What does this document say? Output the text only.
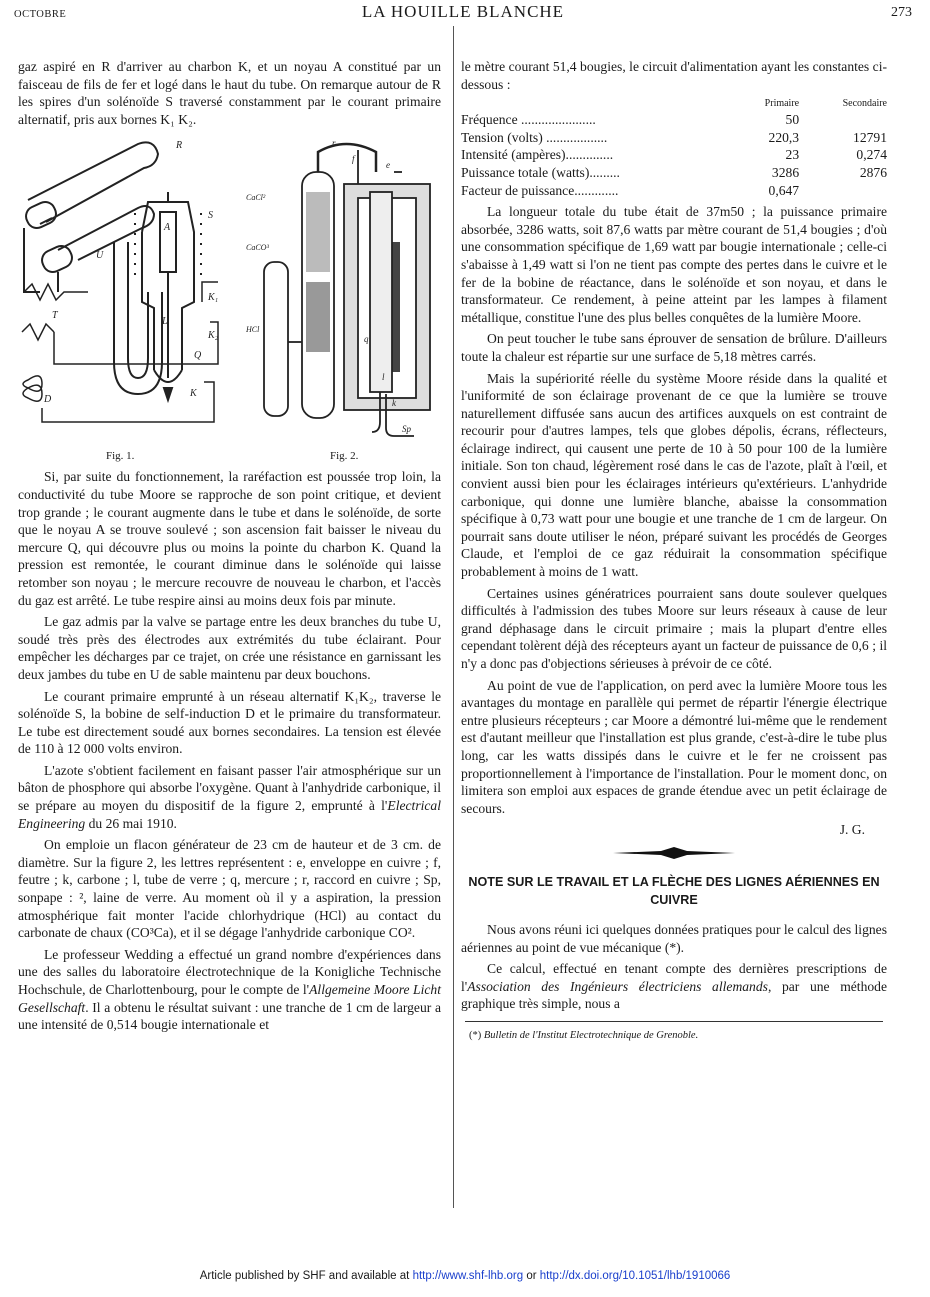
OCTOBRE	LA HOUILLE BLANCHE	273

gaz aspiré en R d'arriver au charbon K, et un noyau A constitué par un faisceau de fils de fer et logé dans le haut du tube. On remarque autour de R les spires d'un solénoïde S traversé constamment par le courant primaire alternatif, pris aux bornes K₁ K₂.

R
A
S
U
L
T
Q
K
K₁
K₂
D
Fig. 1.
e
f
r
CaCl²
CaCO³
HCl
q
l
k
Sp
Fig. 2.

Si, par suite du fonctionnement, la raréfaction est poussée trop loin, la conductivité du tube Moore se rapproche de son point critique, et devient trop grande ; le courant augmente dans le tube et dans le solénoïde, de sorte que le noyau A se trouve soulevé ; son ascension fait baisser le niveau du mercure Q, qui découvre plus ou moins la pointe du charbon K. Quand la pression est remontée, le courant diminue dans le solénoïde qui laisse retomber son noyau ; le mercure recouvre de nouveau le charbon, et l'accès du gaz est arrêté. Le tube respire ainsi au moins deux fois par minute.

Le gaz admis par la valve se partage entre les deux branches du tube U, soudé très près des électrodes aux extrémités du tube éclairant. Pour empêcher les décharges par ce trajet, on crée une résistance en garnissant les deux jambes du tube en U de sable maintenu par deux bouchons.

Le courant primaire emprunté à un réseau alternatif K₁K₂, traverse le solénoïde S, la bobine de self-induction D et le primaire du transformateur. Le tube est directement soudé aux bornes secondaires. La tension est élevée de 110 à 12 000 volts environ.

L'azote s'obtient facilement en faisant passer l'air atmosphérique sur un bâton de phosphore qui absorbe l'oxygène. Quant à l'anhydride carbonique, il se prépare au moyen du dispositif de la figure 2, emprunté à l'Electrical Engineering du 26 mai 1910.

On emploie un flacon générateur de 23 cm de hauteur et de 3 cm. de diamètre. Sur la figure 2, les lettres représentent : e, enveloppe en cuivre ; f, feutre ; k, carbone ; l, tube de verre ; q, mercure ; r, raccord en cuivre ; Sp, sonpape : ², laine de verre. Au moment où il y a aspiration, la pression atmosphérique fait monter l'acide chlorhydrique (HCl) au contact du carbonate de chaux (CO³Ca), et il se dégage l'anhydride carbonique CO².

Le professeur Wedding a effectué un grand nombre d'expériences dans une des salles du laboratoire électrotechnique de la Konigliche Technische Hochschule, de Charlottenbourg, pour le compte de l'Allgemeine Moore Licht Gesellschaft. Il a obtenu le résultat suivant : une tranche de 1 cm de largeur a une intensité de 0,514 bougie internationale et

le mètre courant 51,4 bougies, le circuit d'alimentation ayant les constantes ci-dessous :

	Primaire	Secondaire
Fréquence ......................	50	
Tension (volts) ..................	220,3	12791
Intensité (ampères)..............	23	0,274
Puissance totale (watts).........	3286	2876
Facteur de puissance.............	0,647	

La longueur totale du tube était de 37m50 ; la puissance primaire absorbée, 3286 watts, soit 87,6 watts par mètre courant de 51,4 bougies ; d'où une consommation spécifique de 1,69 watt par bougie internationale ; celle-ci s'abaisse à 1,49 watt si l'on ne tient pas compte des pertes dans le cuivre et le fer de la bobine de réactance, dans le solénoïde et son noyau, et dans le transformateur. Ce rendement, à peine atteint par les lampes à filament métallique, constitue l'une des plus belles conquêtes de la lumière Moore.

On peut toucher le tube sans éprouver de sensation de brûlure. D'ailleurs toute la chaleur est répartie sur une surface de 5,18 mètres carrés.

Mais la supériorité réelle du système Moore réside dans la qualité et l'uniformité de son éclairage provenant de ce que la lumière se trouve naturellement diffusée sans aucun des artifices auxquels on est contraint de recourir pour d'autres lampes, tels que globes dépolis, écrans, réflecteurs, éclairage indirect, qui causent une perte de 10 à 50 pour 100 de la lumière initiale. Son ton chaud, légèrement rosé dans le cas de l'azote, plaît à l'œil, et convient aussi bien pour les éclairages intérieurs qu'extérieurs. L'anhydride carbonique, qui donne une lumière blanche, abaisse la consommation spécifique à 0,73 watt pour une bougie et une tranche de 1 cm de largeur. On pourrait sans doute utiliser le néon, préparé suivant les procédés de Georges Claude, et l'emploi de ce gaz réduirait la consommation spécifique probablement à moins de 1 watt.

Certaines usines génératrices pourraient sans doute soulever quelques difficultés à l'admission des tubes Moore sur leurs réseaux à cause de leur grand déphasage dans le circuit primaire ; mais la plupart d'entre elles cependant tolèrent déjà des récepteurs ayant un facteur de puissance de 0,6 ; il n'y a donc pas d'objections sérieuses à prévoir de ce côté.

Au point de vue de l'application, on perd avec la lumière Moore tous les avantages du montage en parallèle qui permet de répartir l'énergie électrique entre plusieurs récepteurs ; car Moore a démontré lui-même que le rendement est d'autant meilleur que l'installation est plus grande, c'est-à-dire le tube plus long, car les watts dissipés dans le cuivre et le fer ne croissent pas proportionnellement à l'importance de l'installation. Pour le moment donc, on limitera son emploi aux espaces de grande étendue avec un petit éclairage de secours.

J. G.
NOTE SUR LE TRAVAIL ET LA FLÈCHE DES LIGNES AÉRIENNES EN CUIVRE

Nous avons réuni ici quelques données pratiques pour le calcul des lignes aériennes au point de vue mécanique (*).

Ce calcul, effectué en tenant compte des dernières prescriptions de l'Association des Ingénieurs électriciens allemands, par une méthode graphique très simple, nous a

(*) Bulletin de l'Institut Electrotechnique de Grenoble.
Article published by SHF and available at http://www.shf-lhb.org or http://dx.doi.org/10.1051/lhb/1910066
